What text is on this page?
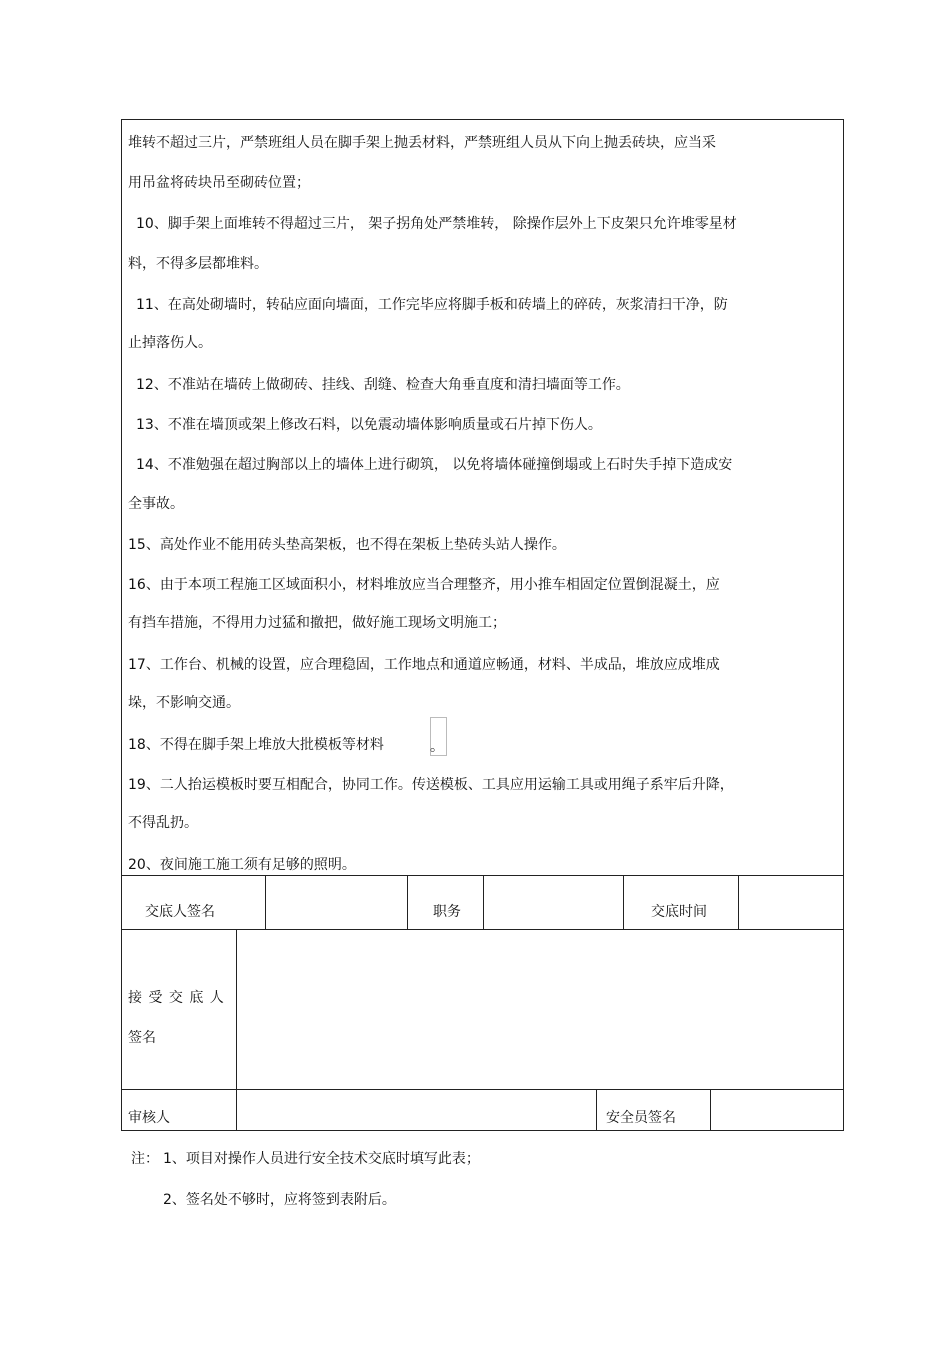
堆转不超过三片，严禁班组人员在脚手架上抛丢材料，严禁班组人员从下向上抛丢砖块，应当采
用吊盆将砖块吊至砌砖位置；
10、脚手架上面堆转不得超过三片， 架子拐角处严禁堆转， 除操作层外上下皮架只允许堆零星材
料，不得多层都堆料。
11、在高处砌墙时，转砧应面向墙面，工作完毕应将脚手板和砖墙上的碎砖，灰浆清扫干净，防
止掉落伤人。
12、不准站在墙砖上做砌砖、挂线、刮缝、检查大角垂直度和清扫墙面等工作。
13、不准在墙顶或架上修改石料，以免震动墙体影响质量或石片掉下伤人。
14、不准勉强在超过胸部以上的墙体上进行砌筑， 以免将墙体碰撞倒塌或上石时失手掉下造成安
全事故。
15、高处作业不能用砖头垫高架板，也不得在架板上垫砖头站人操作。
16、由于本项工程施工区域面积小，材料堆放应当合理整齐，用小推车相固定位置倒混凝土，应
有挡车措施，不得用力过猛和撤把，做好施工现场文明施工；
17、工作台、机械的设置，应合理稳固，工作地点和通道应畅通，材料、半成品，堆放应成堆成
垛，不影响交通。
18、不得在脚手架上堆放大批模板等材料	。
19、二人抬运模板时要互相配合，协同工作。传送模板、工具应用运输工具或用绳子系牢后升降，
不得乱扔。
20、夜间施工施工须有足够的照明。
交底人签名	职务	交底时间
接 受 交 底 人
签名
审核人	安全员签名
注： 1、项目对操作人员进行安全技术交底时填写此表；
2、签名处不够时，应将签到表附后。
